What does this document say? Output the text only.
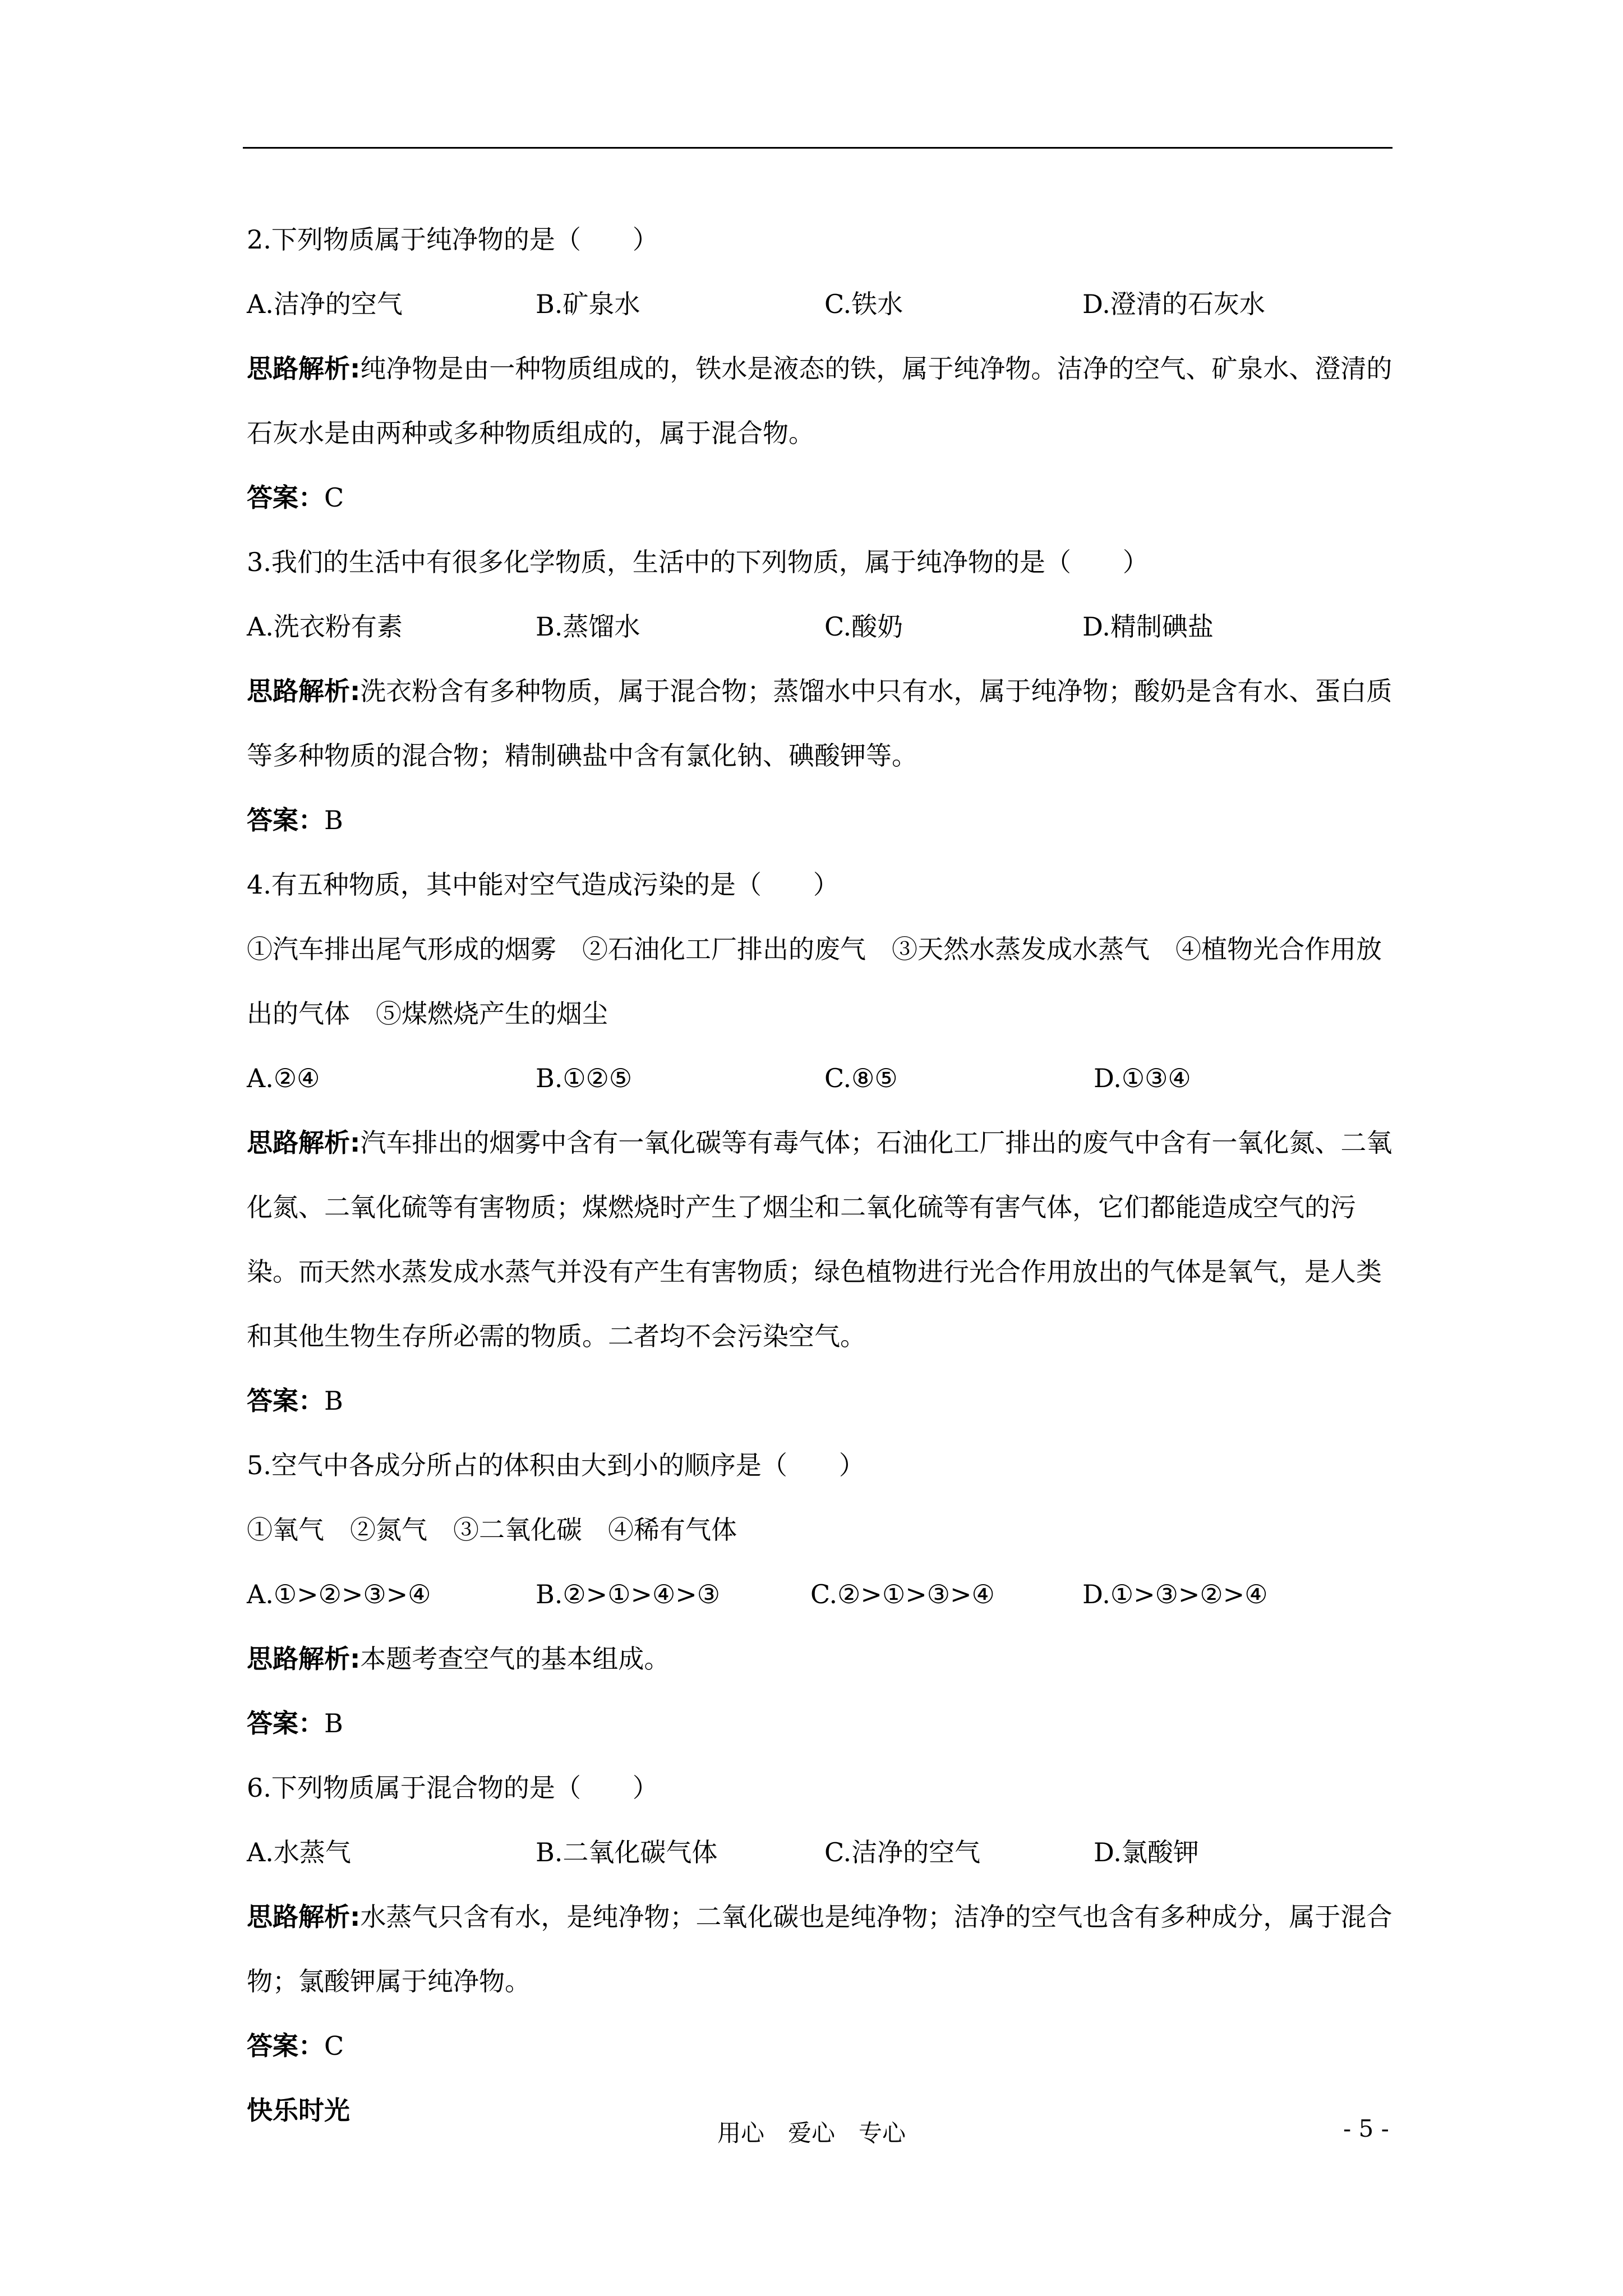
2.下列物质属于纯净物的是（　　）
A.洁净的空气	B.矿泉水	C.铁水	D.澄清的石灰水
思路解析:纯净物是由一种物质组成的，铁水是液态的铁，属于纯净物。洁净的空气、矿泉水、澄清的石灰水是由两种或多种物质组成的，属于混合物。
答案：C
3.我们的生活中有很多化学物质，生活中的下列物质，属于纯净物的是（　　）
A.洗衣粉有素	B.蒸馏水	C.酸奶	D.精制碘盐
思路解析:洗衣粉含有多种物质，属于混合物；蒸馏水中只有水，属于纯净物；酸奶是含有水、蛋白质等多种物质的混合物；精制碘盐中含有氯化钠、碘酸钾等。
答案：B
4.有五种物质，其中能对空气造成污染的是（　　）
①汽车排出尾气形成的烟雾　②石油化工厂排出的废气　③天然水蒸发成水蒸气　④植物光合作用放出的气体　⑤煤燃烧产生的烟尘
A.②④	B.①②⑤	C.⑧⑤	D.①③④
思路解析:汽车排出的烟雾中含有一氧化碳等有毒气体；石油化工厂排出的废气中含有一氧化氮、二氧化氮、二氧化硫等有害物质；煤燃烧时产生了烟尘和二氧化硫等有害气体，它们都能造成空气的污染。而天然水蒸发成水蒸气并没有产生有害物质；绿色植物进行光合作用放出的气体是氧气，是人类和其他生物生存所必需的物质。二者均不会污染空气。
答案：B
5.空气中各成分所占的体积由大到小的顺序是（　　）
①氧气　②氮气　③二氧化碳　④稀有气体
A.①>②>③>④	B.②>①>④>③	C.②>①>③>④	D.①>③>②>④
思路解析:本题考查空气的基本组成。
答案：B
6.下列物质属于混合物的是（　　）
A.水蒸气	B.二氧化碳气体	C.洁净的空气	D.氯酸钾
思路解析:水蒸气只含有水，是纯净物；二氧化碳也是纯净物；洁净的空气也含有多种成分，属于混合物；氯酸钾属于纯净物。
答案：C
快乐时光
用心　爱心　专心	- 5 -
